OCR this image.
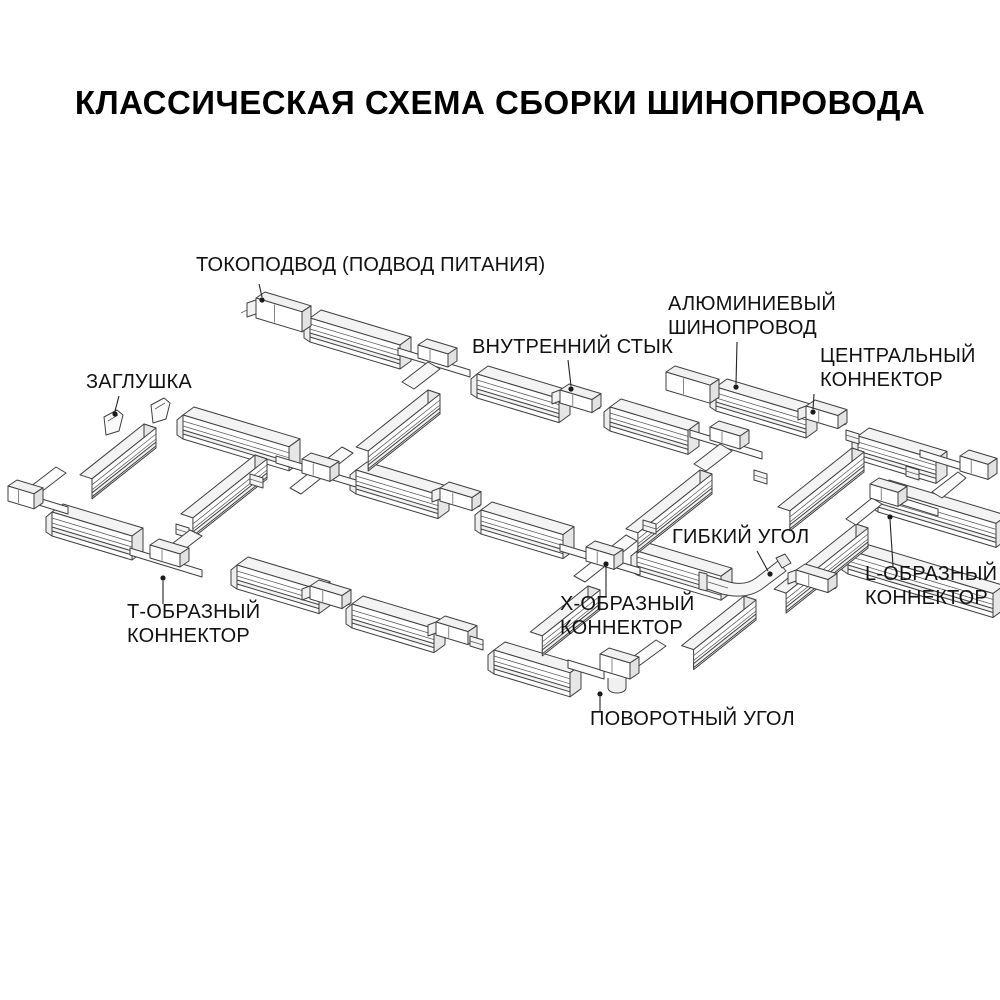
КЛАССИЧЕСКАЯ СХЕМА СБОРКИ ШИНОПРОВОДА
ТОКОПОДВОД (ПОДВОД ПИТАНИЯ)
ЗАГЛУШКА
ВНУТРЕННИЙ СТЫК
АЛЮМИНИЕВЫЙ
ШИНОПРОВОД
ЦЕНТРАЛЬНЫЙ
КОННЕКТОР
ГИБКИЙ УГОЛ
Х-ОБРАЗНЫЙ
КОННЕКТОР
Т-ОБРАЗНЫЙ
КОННЕКТОР
ПОВОРОТНЫЙ УГОЛ
L-ОБРАЗНЫЙ
КОННЕКТОР
